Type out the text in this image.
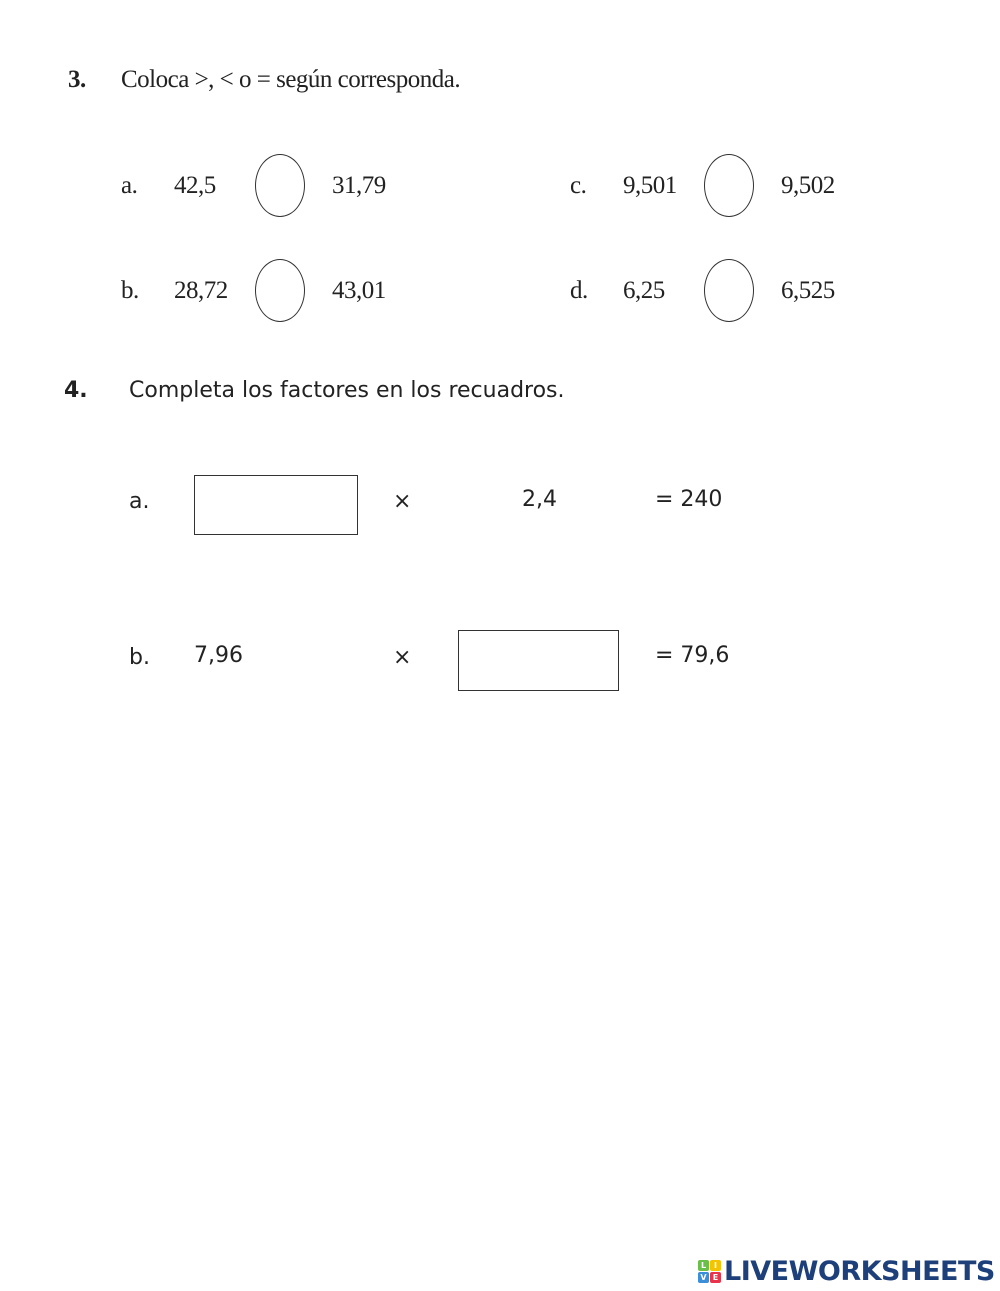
3. Coloca >, < o = según corresponda.
a. 42,5	31,79
b. 28,72	43,01
c. 9,501	9,502
d. 6,25	6,525
4. Completa los factores en los recuadros.
a.	×	2,4	= 240
b. 7,96	×	= 79,6
L I
V E LIVEWORKSHEETS
